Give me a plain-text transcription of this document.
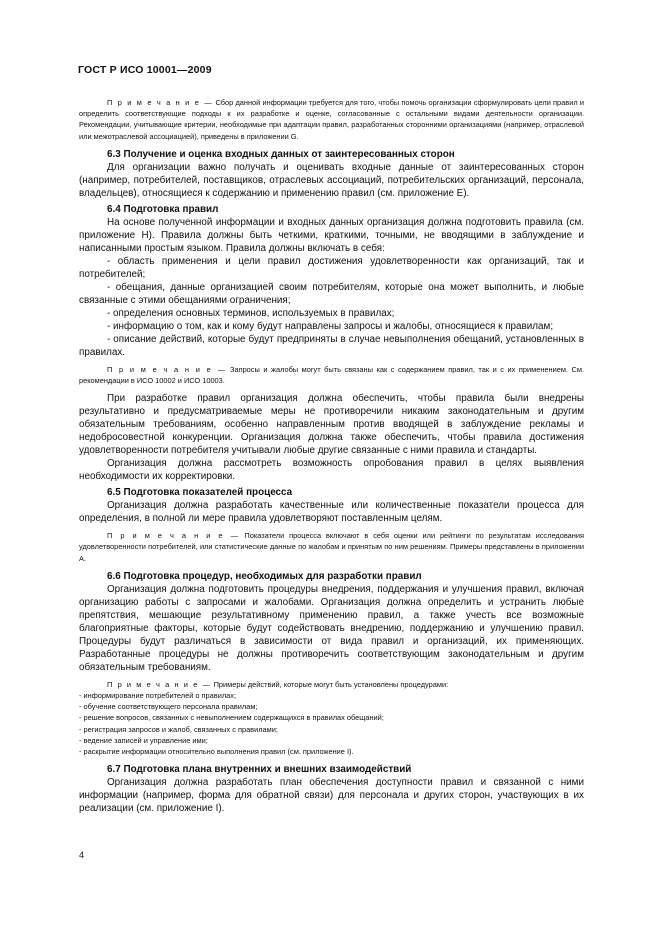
ГОСТ Р ИСО 10001—2009

П р и м е ч а н и е — Сбор данной информации требуется для того, чтобы помочь организации сформулировать цели правил и определить соответствующие подходы к их разработке и оценке, согласованные с остальными видами деятельности организации. Рекомендации, учитывающие критерии, необходимые при адаптации правил, разработанных сторонними организациями (например, отраслевой или межотраслевой ассоциацией), приведены в приложении G.

6.3 Получение и оценка входных данных от заинтересованных сторон

Для организации важно получать и оценивать входные данные от заинтересованных сторон (например, потребителей, поставщиков, отраслевых ассоциаций, потребительских организаций, персонала, владельцев), относящиеся к содержанию и применению правил (см. приложение E).

6.4 Подготовка правил

На основе полученной информации и входных данных организация должна подготовить правила (см. приложение H). Правила должны быть четкими, краткими, точными, не вводящими в заблуждение и написанными простым языком. Правила должны включать в себя:

- область применения и цели правил достижения удовлетворенности как организаций, так и потребителей;

- обещания, данные организацией своим потребителям, которые она может выполнить, и любые связанные с этими обещаниями ограничения;

- определения основных терминов, используемых в правилах;

- информацию о том, как и кому будут направлены запросы и жалобы, относящиеся к правилам;

- описание действий, которые будут предприняты в случае невыполнения обещаний, установленных в правилах.

П р и м е ч а н и е — Запросы и жалобы могут быть связаны как с содержанием правил, так и с их применением. См. рекомендации в ИСО 10002 и ИСО 10003.

При разработке правил организация должна обеспечить, чтобы правила были внедрены результативно и предусматриваемые меры не противоречили никаким законодательным и другим обязательным требованиям, особенно направленным против вводящей в заблуждение рекламы и недобросовестной конкуренции. Организация должна также обеспечить, чтобы правила достижения удовлетворенности потребителя учитывали любые другие связанные с ними правила и стандарты.

Организация должна рассмотреть возможность опробования правил в целях выявления необходимости их корректировки.

6.5 Подготовка показателей процесса

Организация должна разработать качественные или количественные показатели процесса для определения, в полной ли мере правила удовлетворяют поставленным целям.

П р и м е ч а н и е — Показатели процесса включают в себя оценки или рейтинги по результатам исследования удовлетворенности потребителей, или статистические данные по жалобам и принятым по ним решениям. Примеры представлены в приложении A.

6.6 Подготовка процедур, необходимых для разработки правил

Организация должна подготовить процедуры внедрения, поддержания и улучшения правил, включая организацию работы с запросами и жалобами. Организация должна определить и устранить любые препятствия, мешающие результативному применению правил, а также учесть все возможные благоприятные факторы, которые будут содействовать внедрению, поддержанию и улучшению правил. Процедуры будут различаться в зависимости от вида правил и организаций, их применяющих. Разработанные процедуры не должны противоречить соответствующим законодательным и другим обязательным требованиям.

П р и м е ч а н и е — Примеры действий, которые могут быть установлены процедурами:

- информирование потребителей о правилах;
- обучение соответствующего персонала правилам;
- решение вопросов, связанных с невыполнением содержащихся в правилах обещаний;
- регистрация запросов и жалоб, связанных с правилами;
- ведение записей и управление ими;
- раскрытие информации относительно выполнения правил (см. приложение I).
6.7 Подготовка плана внутренних и внешних взаимодействий

Организация должна разработать план обеспечения доступности правил и связанной с ними информации (например, форма для обратной связи) для персонала и других сторон, участвующих в их реализации (см. приложение I).

4
